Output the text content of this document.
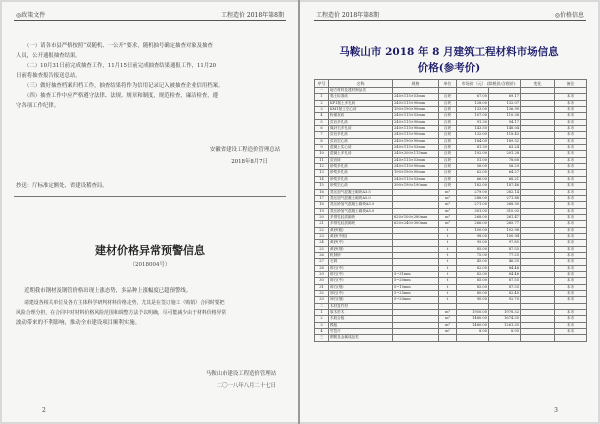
◎政策文件	工程造价 2018年第8期
（一）请各市县严格按照“双随机、一公开”要求，随机抽号确定抽查对象及抽查
人员，公开通报抽查结果。
（二）10月31日前完成抽查工作，11月15日前完成抽查结果通报工作，11月20
日前将抽查报告报送总站。
（三）做好抽查档案归档工作，抽查结果将作为信用记录记入被抽查企业信用档案。
（四）抽查工作中应严格遵守法律、法规、规章和制度，规范检查，廉洁检查，遵
守各项工作纪律。
安徽省建设工程造价管理总站
2018年8月7日
抄送：厅标准定额处、省建设稽查局。
建材价格异常预警信息
（2018004号）
近期我市钢材及钢管价格出现上涨态势，多品种上涨幅度已超预警线。
请建设各相关单位及各方主体科学研判材料价格走势，尤其是在签订施工（购销）合同时要把
风险合理分担，在合同中对材料价格风险范围和调整方法予以明确，尽可能减少由于材料价格异常
波动带来的不利影响，推动全市建设项目顺利实施。
马鞍山市建设工程造价管理站
二〇一八年八月二十七日
2
工程造价 2018年第8期	◎价格信息
马鞍山市 2018 年 8 月建筑工程材料市场信息
价格(参考价)
序号	名称	规格	单位	市场价（元） (除税价/含税价)		变化	备注
一	地方材料及建材制品类						
1	黏土标准砖	240×115×53mm	百块	67.00	69.17		本市
2	KP1黏土多孔砖	240×115×90mm	百块	128.00	132.07		本市
3	KM1黏土空心砖	190×190×90mm	百块	133.00	136.99		本市
4	粉煤灰砖	240×115×53mm	百块	107.00	110.38		本市
5	页岩多孔砖	240×115×90mm	百块	91.30	94.17		本市
6	煤矸石多孔砖	240×115×90mm	百块	143.50	148.04		本市
7	页岩多孔砖	240×115×90mm	百块	132.00	118.43		本市
8	页岩空心砖	240×190×90mm	百块	184.00	189.52		本市
9	混凝土实心砖	240×115×53mm	百块	61.30	63.24		本市
10	混凝土多孔砖	240×200×115mm	百块	192.00	201.28		本市
11	页岩砖	240×115×53mm	百块	51.00	78.68		本市
12	砂浆多孔砖	240×115×90mm	百块	56.00	58.29		本市
13	砂浆多孔砖	190×190×90mm	百块	62.00	64.27		本市
14	砂浆多孔砖	240×115×53mm	百块	66.00	68.21		本市
15	砂浆空心砖	390×190×190mm	百块	182.00	187.46		本市
16	蒸压加气混凝土砌块A3.5		m³	279.00	282.14		本市
17	蒸压加气混凝土砌块A5.0		m³	288.00	271.88		本市
18	蒸压砂加气混凝土砌块A3.5		m³	271.00	268.50		本市
19	蒸压砂加气混凝土砌块A5.0		m³	301.00	310.03		本市
20	多排孔轻质砌块	620×100×280mm	m³	268.00	261.47		本市
21	多排孔轻质砌块	620×240×300mm	m³	266.00	265.77		本市
22	黄砂(粗)		t	100.00	102.98		本市
23	黄砂(中粗)		t	98.00	100.94		本市
24	黄砂(中)		t	95.00	97.85		本市
25	黄砂(细)		t	85.00	87.55		本市
26	机制砂		t	75.00	77.25		本市
27	石屑		t	45.00	46.35		本市
28	碎石(中)		t	82.00	84.46		本市
29	碎石(中)	5~31mm	t	82.00	84.46		本市
30	碎石(中)	5~20mm	t	85.00	87.55		本市
31	碎石(细)	5~10mm	t	85.00	87.55		本市
32	卵石(中)	5~25mm	t	80.00	82.40		本市
33	卵石(细)	5~20mm	t	90.00	92.70		本市
二	木材及竹材						
1	原木杉木		m³	1950.00	1978.32		本市
2	木胶合板		m³	1480.00	1674.35		本市
3	模板		m³	1480.00	1261.35		本市
4	竹笆片		m²	8.00	8.95		本市
三	钢筋及金属成品类						
3
